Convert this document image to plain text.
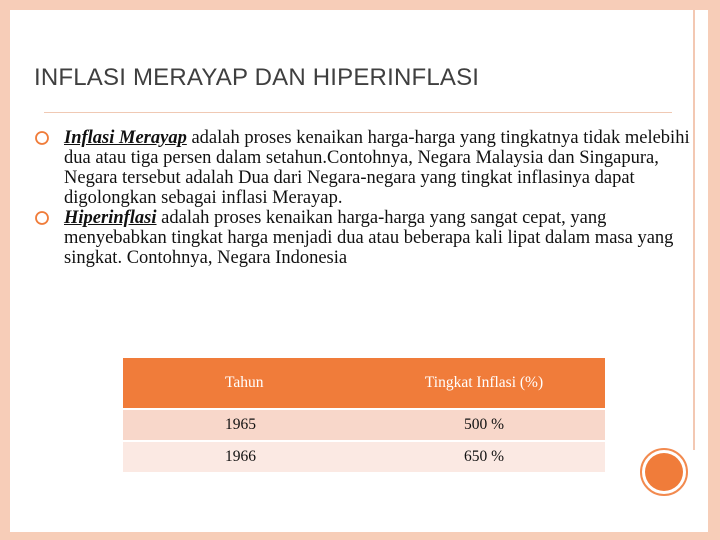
INFLASI MERAYAP DAN HIPERINFLASI
Inflasi Merayap adalah proses kenaikan harga-harga yang tingkatnya tidak melebihi dua atau tiga persen dalam setahun.Contohnya, Negara Malaysia dan Singapura, Negara tersebut adalah Dua dari Negara-negara yang tingkat inflasinya dapat digolongkan sebagai inflasi Merayap.
Hiperinflasi adalah proses kenaikan harga-harga yang sangat cepat, yang menyebabkan tingkat harga menjadi dua atau beberapa kali lipat dalam masa yang singkat. Contohnya, Negara Indonesia
Tahun	Tingkat Inflasi (%)
1965	500 %
1966	650 %
